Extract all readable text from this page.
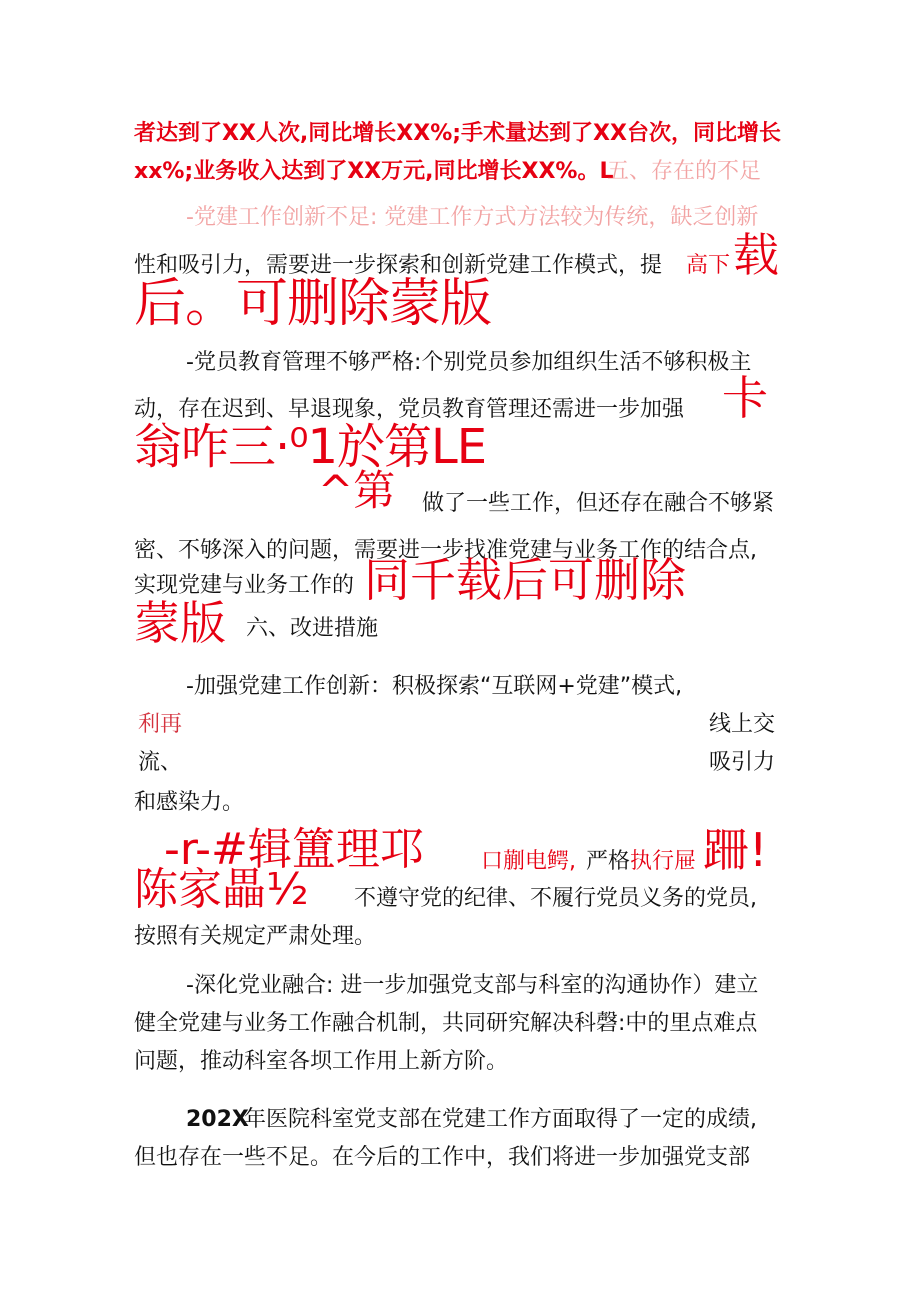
者达到了XX人次,同比增长XX%;手术量达到了XX台次，同比增长
xx%;业务收入达到了XX万元,同比增长XX%。L
五、存在的不足
-党建工作创新不足: 党建工作方式方法较为传统，缺乏创新
性和吸引力，需要进一步探索和创新党建工作模式，提 高下 载
后。可删除蒙版
-党员教育管理不够严格:个别党员参加组织生活不够积极主
动，存在迟到、早退现象，党员教育管理还需进一步加强 卡
翁咋三·⁰1於第LE
^第 做了一些工作，但还存在融合不够紧
密、不够深入的问题，需要进一步找准党建与业务工作的结合点,
实现党建与业务工作的 同千载后可删除
蒙版 六、改进措施
-加强党建工作创新：积极探索“互联网+党建”模式,
利再	线上交
流、	吸引力
和感染力。
-r-#辑簠理邛	口蒯电鳄, 严格 执行屉 跚!
陈家畾½ 不遵守党的纪律、不履行党员义务的党员,
按照有关规定严肃处理。
-深化党业融合: 进一步加强党支部与科室的沟通协作）建立
健全党建与业务工作融合机制，共同研究解决科磬:中的里点难点
问题，推动科室各坝工作用上新方阶。
202X
年医院科室党支部在党建工作方面取得了一定的成绩,
但也存在一些不足。在今后的工作中，我们将进一步加强党支部
